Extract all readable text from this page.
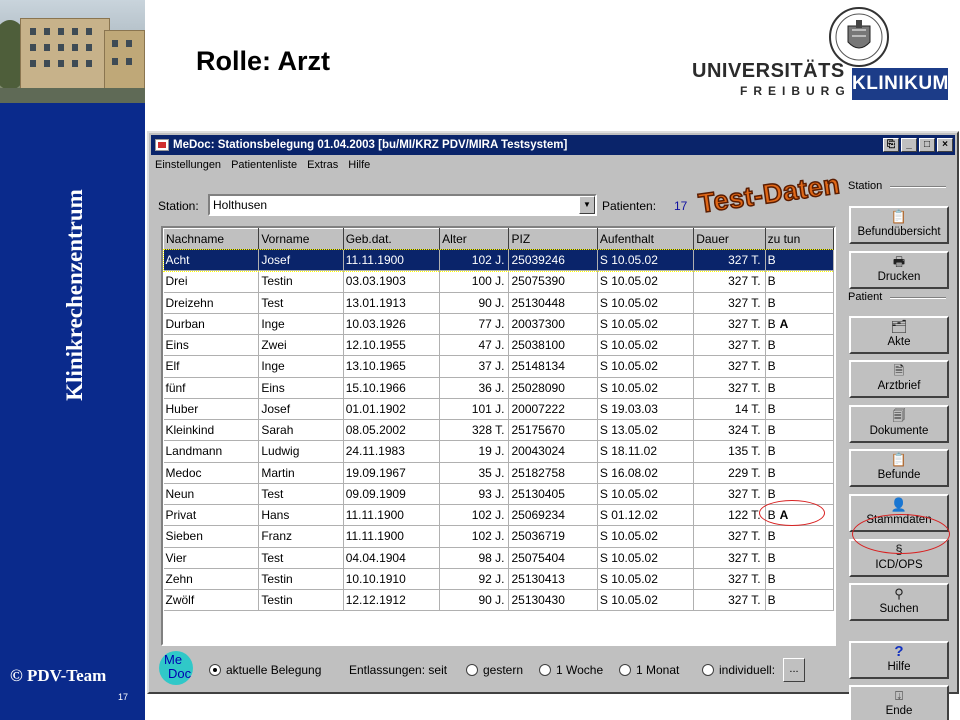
Klinikrechenzentrum
© PDV-Team
17
Rolle: Arzt	UNIVERSITÄTS
FREIBURG KLINIKUM
MeDoc: Stationsbelegung 01.04.2003 [bu/MI/KRZ PDV/MIRA Testsystem]	⎘	_	□	×
Einstellungen Patientenliste Extras Hilfe
Station: Holthusen	▼ Patienten: 17 Test-Daten
Nachname	Vorname	Geb.dat.	Alter	PIZ	Aufenthalt	Dauer	zu tun
Acht	Josef	11.11.1900	102 J.	25039246	S 10.05.02	327 T.	B
Drei	Testin	03.03.1903	100 J.	25075390	S 10.05.02	327 T.	B
Dreizehn	Test	13.01.1913	90 J.	25130448	S 10.05.02	327 T.	B
Durban	Inge	10.03.1926	77 J.	20037300	S 10.05.02	327 T.	B A
Eins	Zwei	12.10.1955	47 J.	25038100	S 10.05.02	327 T.	B
Elf	Inge	13.10.1965	37 J.	25148134	S 10.05.02	327 T.	B
fünf	Eins	15.10.1966	36 J.	25028090	S 10.05.02	327 T.	B
Huber	Josef	01.01.1902	101 J.	20007222	S 19.03.03	14 T.	B
Kleinkind	Sarah	08.05.2002	328 T.	25175670	S 13.05.02	324 T.	B
Landmann	Ludwig	24.11.1983	19 J.	20043024	S 18.11.02	135 T.	B
Medoc	Martin	19.09.1967	35 J.	25182758	S 16.08.02	229 T.	B
Neun	Test	09.09.1909	93 J.	25130405	S 10.05.02	327 T.	B
Privat	Hans	11.11.1900	102 J.	25069234	S 01.12.02	122 T.	B A
Sieben	Franz	11.11.1900	102 J.	25036719	S 10.05.02	327 T.	B
Vier	Test	04.04.1904	98 J.	25075404	S 10.05.02	327 T.	B
Zehn	Testin	10.10.1910	92 J.	25130413	S 10.05.02	327 T.	B
Zwölf	Testin	12.12.1912	90 J.	25130430	S 10.05.02	327 T.	B
Me
Doc	aktuelle Belegung Entlassungen: seit	gestern	1 Woche	1 Monat	individuell:	...
Station
Patient
📋
Befundübersicht
🖶
Drucken
🗂
Akte
🗎
Arztbrief
🗐
Dokumente
📋
Befunde
👤
Stammdaten
§
ICD/OPS
⚲
Suchen
?
Hilfe
⍗
Ende
